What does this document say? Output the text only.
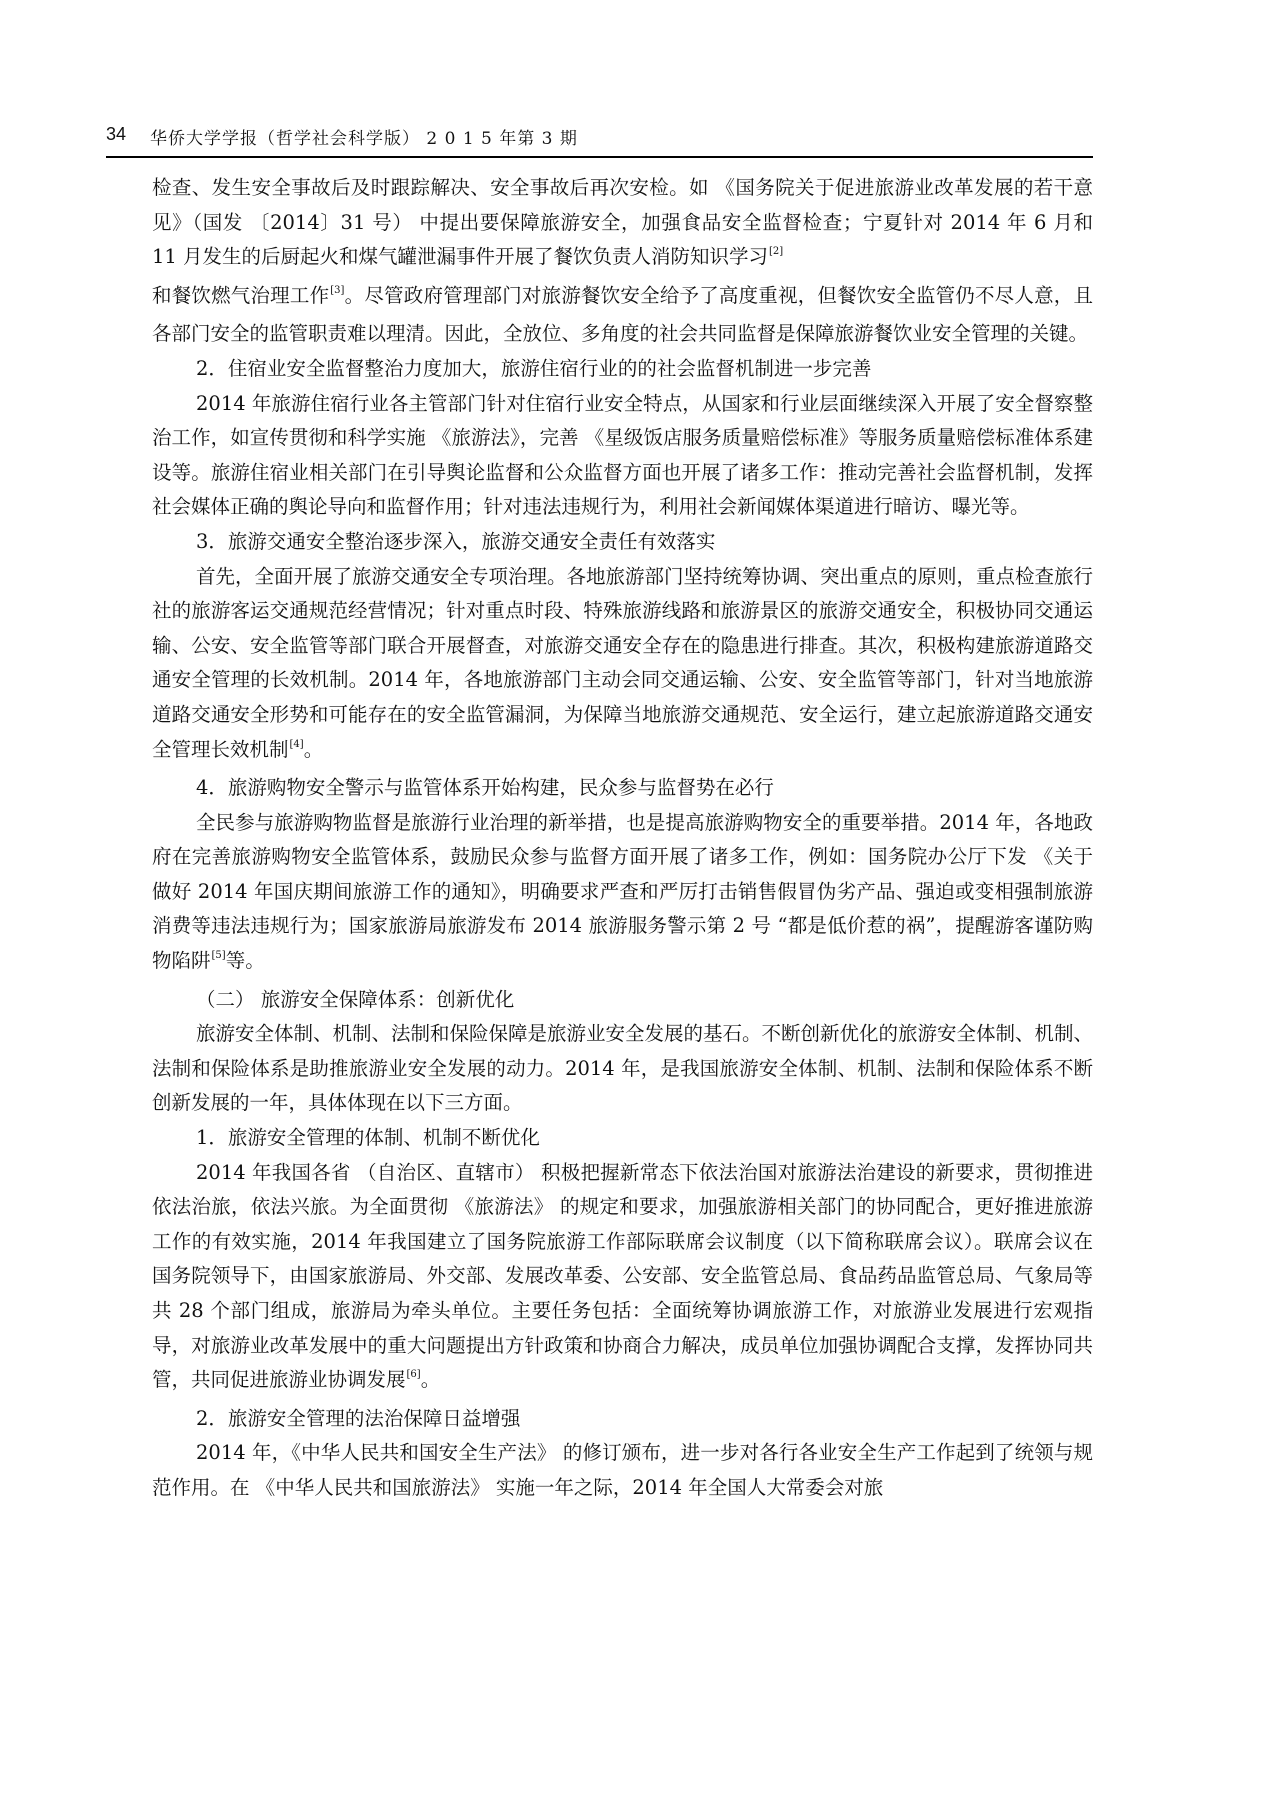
34 华侨大学学报（哲学社会科学版） 2 0 1 5 年第 3 期

检查、发生安全事故后及时跟踪解决、安全事故后再次安检。如 《国务院关于促进旅游业改革发展的若干意见》（国发 〔2014〕31 号） 中提出要保障旅游安全，加强食品安全监督检查；宁夏针对 2014 年 6 月和 11 月发生的后厨起火和煤气罐泄漏事件开展了餐饮负责人消防知识学习[2]
和餐饮燃气治理工作[3]。尽管政府管理部门对旅游餐饮安全给予了高度重视，但餐饮安全监管仍不尽人意，且各部门安全的监管职责难以理清。因此，全放位、多角度的社会共同监督是保障旅游餐饮业安全管理的关键。

2．住宿业安全监督整治力度加大，旅游住宿行业的的社会监督机制进一步完善

2014 年旅游住宿行业各主管部门针对住宿行业安全特点，从国家和行业层面继续深入开展了安全督察整治工作，如宣传贯彻和科学实施 《旅游法》，完善 《星级饭店服务质量赔偿标准》等服务质量赔偿标准体系建设等。旅游住宿业相关部门在引导舆论监督和公众监督方面也开展了诸多工作：推动完善社会监督机制，发挥社会媒体正确的舆论导向和监督作用；针对违法违规行为，利用社会新闻媒体渠道进行暗访、曝光等。

3．旅游交通安全整治逐步深入，旅游交通安全责任有效落实

首先，全面开展了旅游交通安全专项治理。各地旅游部门坚持统筹协调、突出重点的原则，重点检查旅行社的旅游客运交通规范经营情况；针对重点时段、特殊旅游线路和旅游景区的旅游交通安全，积极协同交通运输、公安、安全监管等部门联合开展督查，对旅游交通安全存在的隐患进行排查。其次，积极构建旅游道路交通安全管理的长效机制。2014 年，各地旅游部门主动会同交通运输、公安、安全监管等部门，针对当地旅游道路交通安全形势和可能存在的安全监管漏洞，为保障当地旅游交通规范、安全运行，建立起旅游道路交通安全管理长效机制[4]。

4．旅游购物安全警示与监管体系开始构建，民众参与监督势在必行

全民参与旅游购物监督是旅游行业治理的新举措，也是提高旅游购物安全的重要举措。2014 年，各地政府在完善旅游购物安全监管体系，鼓励民众参与监督方面开展了诸多工作，例如：国务院办公厅下发 《关于做好 2014 年国庆期间旅游工作的通知》，明确要求严查和严厉打击销售假冒伪劣产品、强迫或变相强制旅游消费等违法违规行为；国家旅游局旅游发布 2014 旅游服务警示第 2 号 “都是低价惹的祸”，提醒游客谨防购物陷阱[5]等。

（二） 旅游安全保障体系：创新优化

旅游安全体制、机制、法制和保险保障是旅游业安全发展的基石。不断创新优化的旅游安全体制、机制、法制和保险体系是助推旅游业安全发展的动力。2014 年，是我国旅游安全体制、机制、法制和保险体系不断创新发展的一年，具体体现在以下三方面。

1．旅游安全管理的体制、机制不断优化

2014 年我国各省 （自治区、直辖市） 积极把握新常态下依法治国对旅游法治建设的新要求，贯彻推进依法治旅，依法兴旅。为全面贯彻 《旅游法》 的规定和要求，加强旅游相关部门的协同配合，更好推进旅游工作的有效实施，2014 年我国建立了国务院旅游工作部际联席会议制度（以下简称联席会议）。联席会议在国务院领导下，由国家旅游局、外交部、发展改革委、公安部、安全监管总局、食品药品监管总局、气象局等共 28 个部门组成，旅游局为牵头单位。主要任务包括：全面统筹协调旅游工作，对旅游业发展进行宏观指导，对旅游业改革发展中的重大问题提出方针政策和协商合力解决，成员单位加强协调配合支撑，发挥协同共管，共同促进旅游业协调发展[6]。

2．旅游安全管理的法治保障日益增强

2014 年，《中华人民共和国安全生产法》 的修订颁布，进一步对各行各业安全生产工作起到了统领与规范作用。在 《中华人民共和国旅游法》 实施一年之际，2014 年全国人大常委会对旅
